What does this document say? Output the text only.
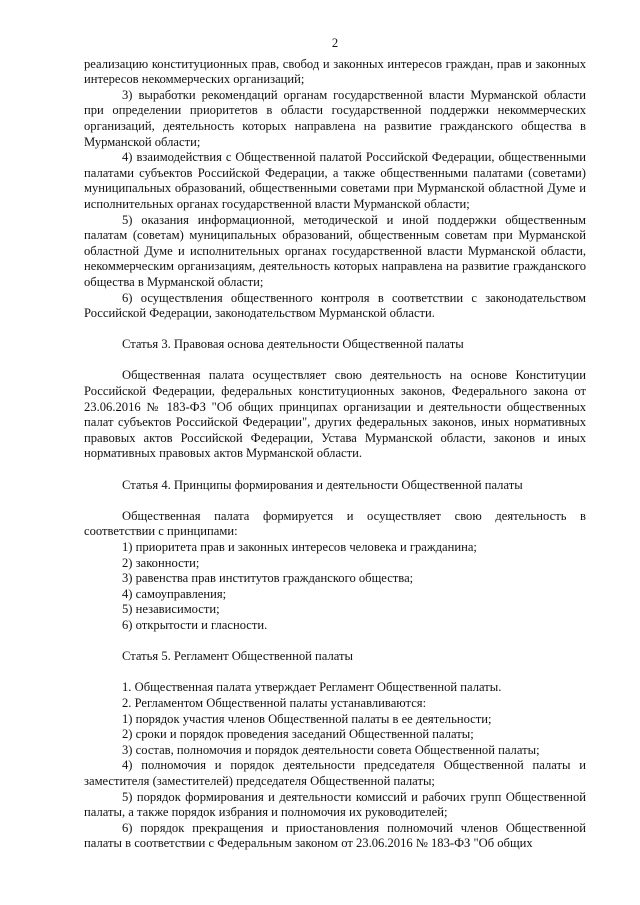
2
реализацию конституционных прав, свобод и законных интересов граждан, прав и законных интересов некоммерческих организаций;
3) выработки рекомендаций органам государственной власти Мурманской области при определении приоритетов в области государственной поддержки некоммерческих организаций, деятельность которых направлена на развитие гражданского общества в Мурманской области;
4) взаимодействия с Общественной палатой Российской Федерации, общественными палатами субъектов Российской Федерации, а также общественными палатами (советами) муниципальных образований, общественными советами при Мурманской областной Думе и исполнительных органах государственной власти Мурманской области;
5) оказания информационной, методической и иной поддержки общественным палатам (советам) муниципальных образований, общественным советам при Мурманской областной Думе и исполнительных органах государственной власти Мурманской области, некоммерческим организациям, деятельность которых направлена на развитие гражданского общества в Мурманской области;
6) осуществления общественного контроля в соответствии с законодательством Российской Федерации, законодательством Мурманской области.
Статья 3. Правовая основа деятельности Общественной палаты
Общественная палата осуществляет свою деятельность на основе Конституции Российской Федерации, федеральных конституционных законов, Федерального закона от 23.06.2016 № 183-ФЗ "Об общих принципах организации и деятельности общественных палат субъектов Российской Федерации", других федеральных законов, иных нормативных правовых актов Российской Федерации, Устава Мурманской области, законов и иных нормативных правовых актов Мурманской области.
Статья 4. Принципы формирования и деятельности Общественной палаты
Общественная палата формируется и осуществляет свою деятельность в соответствии с принципами:
1) приоритета прав и законных интересов человека и гражданина;
2) законности;
3) равенства прав институтов гражданского общества;
4) самоуправления;
5) независимости;
6) открытости и гласности.
Статья 5. Регламент Общественной палаты
1. Общественная палата утверждает Регламент Общественной палаты.
2. Регламентом Общественной палаты устанавливаются:
1) порядок участия членов Общественной палаты в ее деятельности;
2) сроки и порядок проведения заседаний Общественной палаты;
3) состав, полномочия и порядок деятельности совета Общественной палаты;
4) полномочия и порядок деятельности председателя Общественной палаты и заместителя (заместителей) председателя Общественной палаты;
5) порядок формирования и деятельности комиссий и рабочих групп Общественной палаты, а также порядок избрания и полномочия их руководителей;
6) порядок прекращения и приостановления полномочий членов Общественной палаты в соответствии с Федеральным законом от 23.06.2016 № 183-ФЗ "Об общих
